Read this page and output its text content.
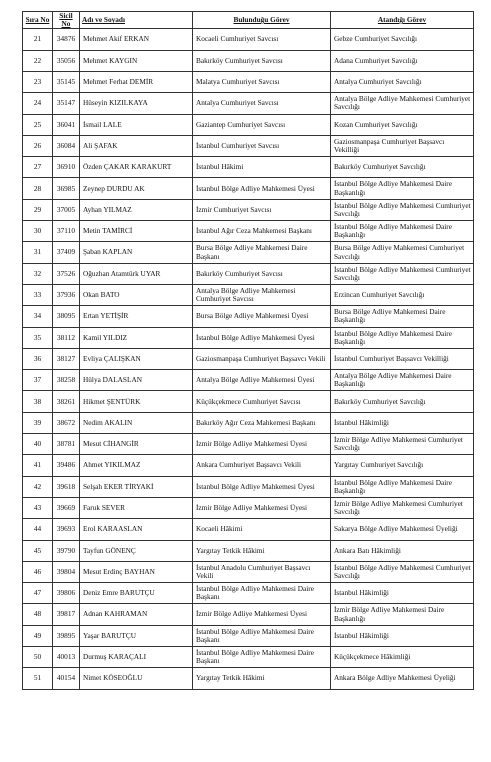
Sıra No	Sicil No	Adı ve Soyadı	Bulunduğu Görev	Atandığı Görev
21	34876	Mehmet Akif ERKAN	Kocaeli Cumhuriyet Savcısı	Gebze Cumhuriyet Savcılığı
22	35056	Mehmet KAYGIN	Bakırköy Cumhuriyet Savcısı	Adana Cumhuriyet Savcılığı
23	35145	Mehmet Ferhat DEMİR	Malatya Cumhuriyet Savcısı	Antalya Cumhuriyet Savcılığı
24	35147	Hüseyin KIZILKAYA	Antalya Cumhuriyet Savcısı	Antalya Bölge Adliye Mahkemesi Cumhuriyet Savcılığı
25	36041	İsmail LALE	Gaziantep Cumhuriyet Savcısı	Kozan Cumhuriyet Savcılığı
26	36084	Ali ŞAFAK	İstanbul Cumhuriyet Savcısı	Gaziosmanpaşa Cumhuriyet Başsavcı Vekilliği
27	36910	Özden ÇAKAR KARAKURT	İstanbul Hâkimi	Bakırköy Cumhuriyet Savcılığı
28	36985	Zeynep DURDU AK	İstanbul Bölge Adliye Mahkemesi Üyesi	İstanbul Bölge Adliye Mahkemesi Daire Başkanlığı
29	37005	Ayhan YILMAZ	İzmir Cumhuriyet Savcısı	İstanbul Bölge Adliye Mahkemesi Cumhuriyet Savcılığı
30	37110	Metin TAMİRCİ	İstanbul Ağır Ceza Mahkemesi Başkanı	İstanbul Bölge Adliye Mahkemesi Daire Başkanlığı
31	37409	Şaban KAPLAN	Bursa Bölge Adliye Mahkemesi Daire Başkanı	Bursa Bölge Adliye Mahkemesi Cumhuriyet Savcılığı
32	37526	Oğuzhan Atamtürk UYAR	Bakırköy Cumhuriyet Savcısı	İstanbul Bölge Adliye Mahkemesi Cumhuriyet Savcılığı
33	37936	Okan BATO	Antalya Bölge Adliye Mahkemesi Cumhuriyet Savcısı	Erzincan Cumhuriyet Savcılığı
34	38095	Ertan YETİŞİR	Bursa Bölge Adliye Mahkemesi Üyesi	Bursa Bölge Adliye Mahkemesi Daire Başkanlığı
35	38112	Kamil YILDIZ	İstanbul Bölge Adliye Mahkemesi Üyesi	İstanbul Bölge Adliye Mahkemesi Daire Başkanlığı
36	38127	Evliya ÇALIŞKAN	Gaziosmanpaşa Cumhuriyet Başsavcı Vekili	İstanbul Cumhuriyet Başsavcı Vekilliği
37	38258	Hülya DALASLAN	Antalya Bölge Adliye Mahkemesi Üyesi	Antalya Bölge Adliye Mahkemesi Daire Başkanlığı
38	38261	Hikmet ŞENTÜRK	Küçükçekmece Cumhuriyet Savcısı	Bakırköy Cumhuriyet Savcılığı
39	38672	Nedim AKALIN	Bakırköy Ağır Ceza Mahkemesi Başkanı	İstanbul Hâkimliği
40	38781	Mesut CİHANGİR	İzmir Bölge Adliye Mahkemesi Üyesi	İzmir Bölge Adliye Mahkemesi Cumhuriyet Savcılığı
41	39486	Ahmet YIKILMAZ	Ankara Cumhuriyet Başsavcı Vekili	Yargıtay Cumhuriyet Savcılığı
42	39618	Selşah EKER TİRYAKİ	İstanbul Bölge Adliye Mahkemesi Üyesi	İstanbul Bölge Adliye Mahkemesi Daire Başkanlığı
43	39669	Faruk SEVER	İzmir Bölge Adliye Mahkemesi Üyesi	İzmir Bölge Adliye Mahkemesi Cumhuriyet Savcılığı
44	39693	Erol KARAASLAN	Kocaeli Hâkimi	Sakarya Bölge Adliye Mahkemesi Üyeliği
45	39790	Tayfun GÖNENÇ	Yargıtay Tetkik Hâkimi	Ankara Batı Hâkimliği
46	39804	Mesut Erdinç BAYHAN	İstanbul Anadolu Cumhuriyet Başsavcı Vekili	İstanbul Bölge Adliye Mahkemesi Cumhuriyet Savcılığı
47	39806	Deniz Emre BARUTÇU	İstanbul Bölge Adliye Mahkemesi Daire Başkanı	İstanbul Hâkimliği
48	39817	Adnan KAHRAMAN	İzmir Bölge Adliye Mahkemesi Üyesi	İzmir Bölge Adliye Mahkemesi Daire Başkanlığı
49	39895	Yaşar BARUTÇU	İstanbul Bölge Adliye Mahkemesi Daire Başkanı	İstanbul Hâkimliği
50	40013	Durmuş KARAÇALI	İstanbul Bölge Adliye Mahkemesi Daire Başkanı	Küçükçekmece Hâkimliği
51	40154	Nimet KÖSEOĞLU	Yargıtay Tetkik Hâkimi	Ankara Bölge Adliye Mahkemesi Üyeliği
